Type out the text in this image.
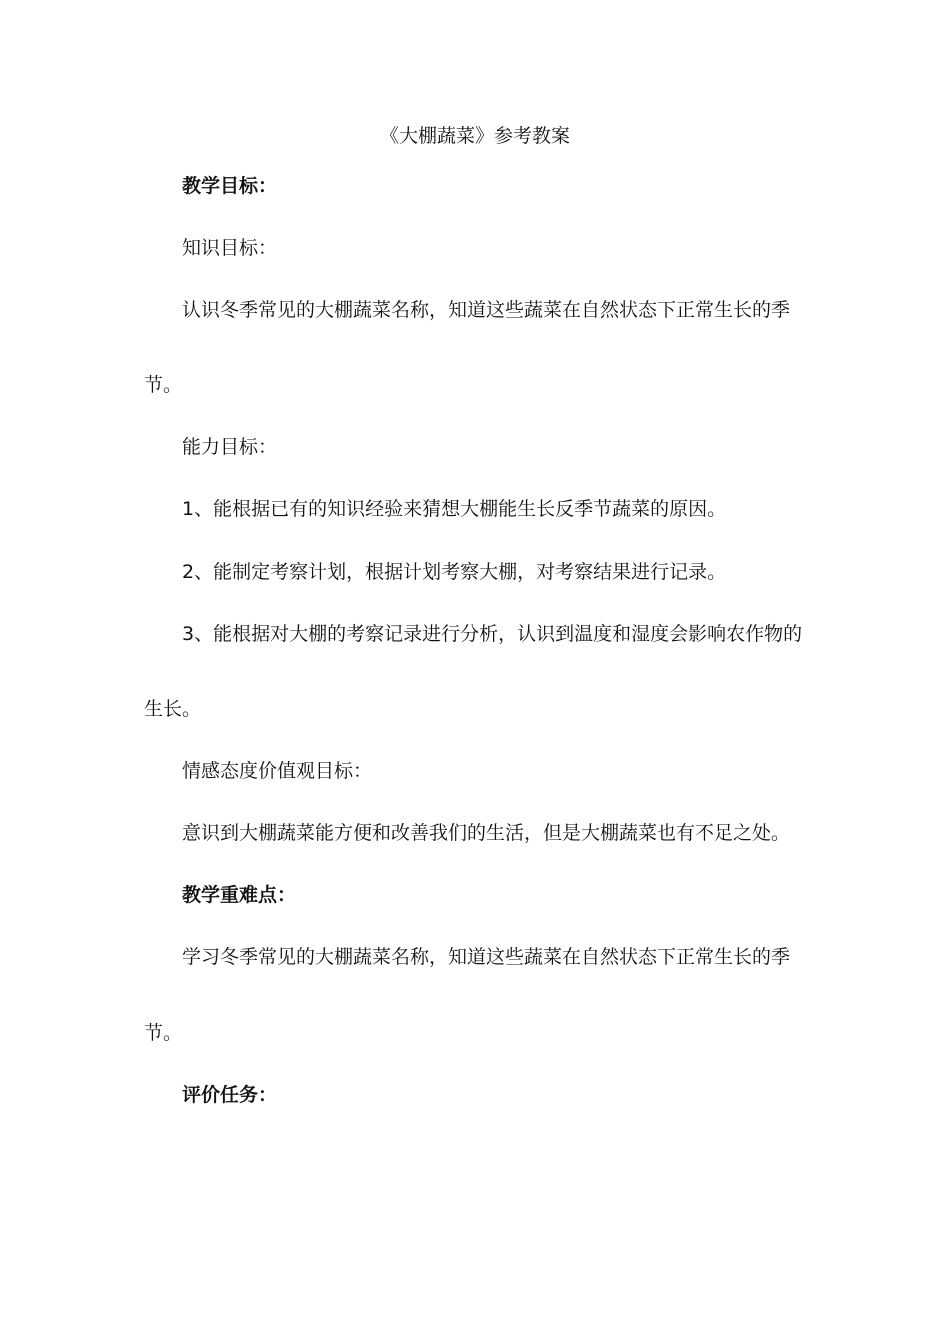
《大棚蔬菜》参考教案
教学目标：
知识目标：
认识冬季常见的大棚蔬菜名称，知道这些蔬菜在自然状态下正常生长的季
节。
能力目标：
1、能根据已有的知识经验来猜想大棚能生长反季节蔬菜的原因。
2、能制定考察计划，根据计划考察大棚，对考察结果进行记录。
3、能根据对大棚的考察记录进行分析，认识到温度和湿度会影响农作物的
生长。
情感态度价值观目标：
意识到大棚蔬菜能方便和改善我们的生活，但是大棚蔬菜也有不足之处。
教学重难点：
学习冬季常见的大棚蔬菜名称，知道这些蔬菜在自然状态下正常生长的季
节。
评价任务：
